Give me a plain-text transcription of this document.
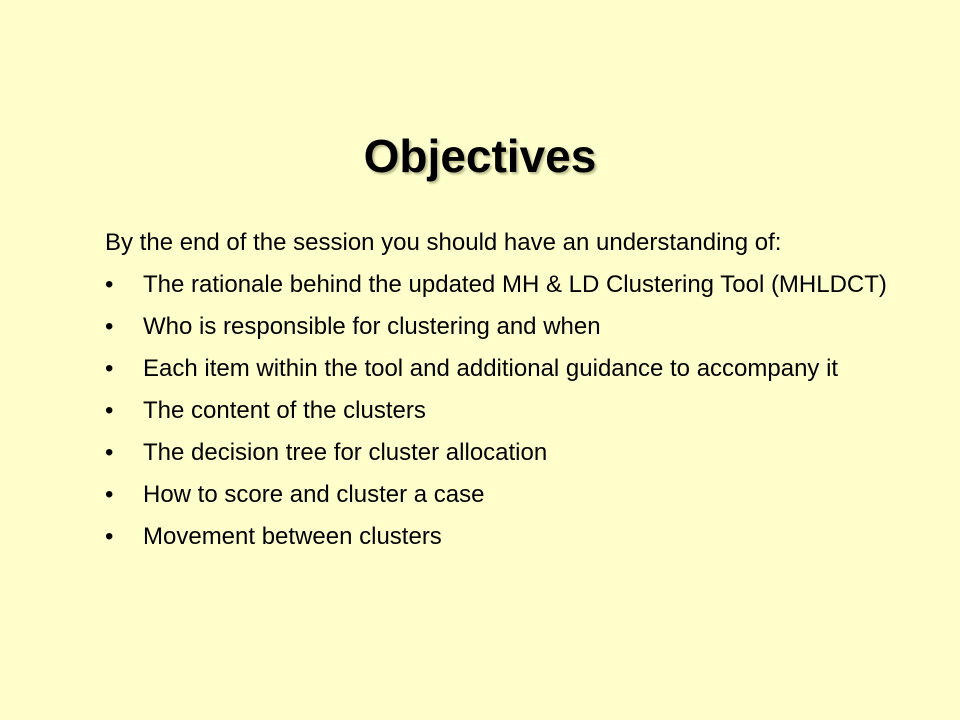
Objectives

By the end of the session you should have an understanding of:

•	The rationale behind the updated MH & LD Clustering Tool (MHLDCT)
•	Who is responsible for clustering and when
•	Each item within the tool and additional guidance to accompany it
•	The content of the clusters
•	The decision tree for cluster allocation
•	How to score and cluster a case
•	Movement between clusters
